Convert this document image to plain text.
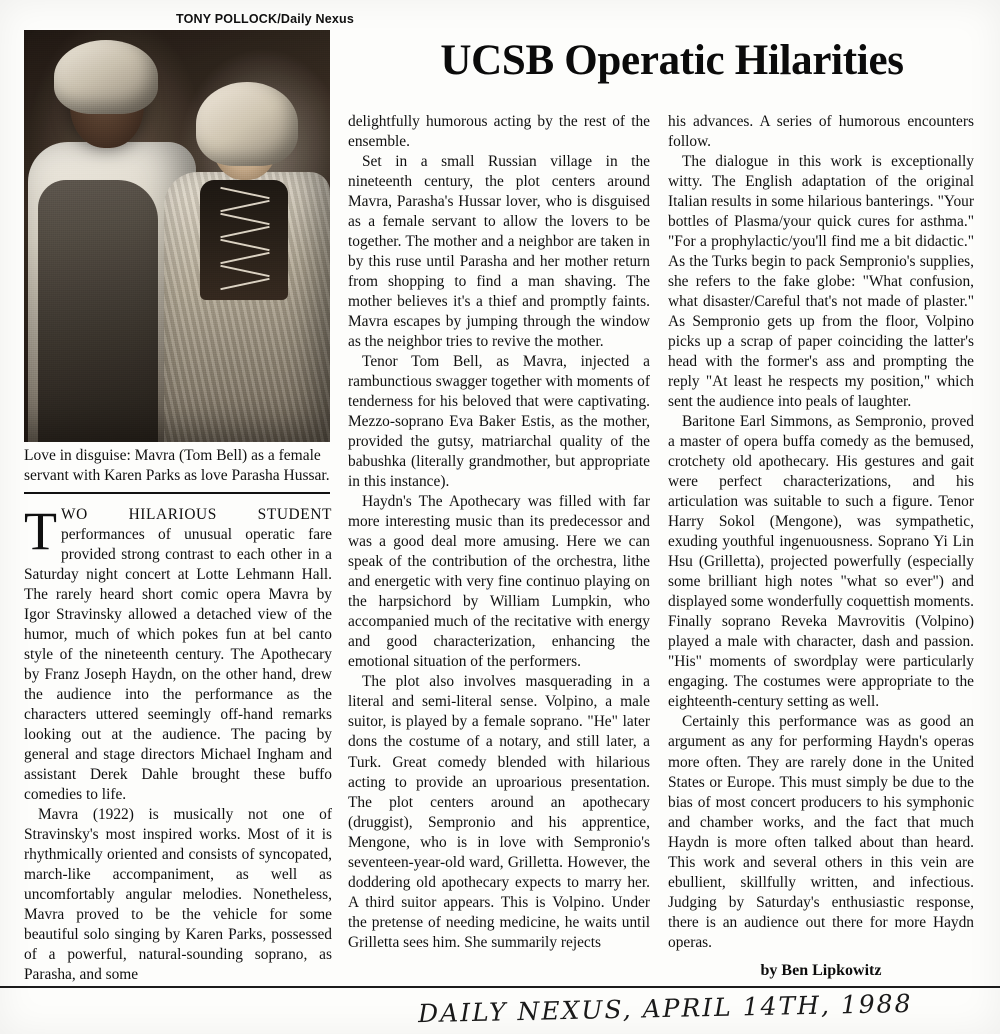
TONY POLLOCK/Daily Nexus
Love in disguise: Mavra (Tom Bell) as a female servant with Karen Parks as love Parasha Hussar.
UCSB Operatic Hilarities

TWO HILARIOUS STUDENT performances of unusual operatic fare provided strong contrast to each other in a Saturday night concert at Lotte Lehmann Hall. The rarely heard short comic opera Mavra by Igor Stravinsky allowed a detached view of the humor, much of which pokes fun at bel canto style of the nineteenth century. The Apothecary by Franz Joseph Haydn, on the other hand, drew the audience into the performance as the characters uttered seemingly off-hand remarks looking out at the audience. The pacing by general and stage directors Michael Ingham and assistant Derek Dahle brought these buffo comedies to life.

Mavra (1922) is musically not one of Stravinsky's most inspired works. Most of it is rhythmically oriented and consists of syncopated, march-like accompaniment, as well as uncomfortably angular melodies. Nonetheless, Mavra proved to be the vehicle for some beautiful solo singing by Karen Parks, possessed of a powerful, natural-sounding soprano, as Parasha, and some

delightfully humorous acting by the rest of the ensemble.

Set in a small Russian village in the nineteenth century, the plot centers around Mavra, Parasha's Hussar lover, who is disguised as a female servant to allow the lovers to be together. The mother and a neighbor are taken in by this ruse until Parasha and her mother return from shopping to find a man shaving. The mother believes it's a thief and promptly faints. Mavra escapes by jumping through the window as the neighbor tries to revive the mother.

Tenor Tom Bell, as Mavra, injected a rambunctious swagger together with moments of tenderness for his beloved that were captivating. Mezzo-soprano Eva Baker Estis, as the mother, provided the gutsy, matriarchal quality of the babushka (literally grandmother, but appropriate in this instance).

Haydn's The Apothecary was filled with far more interesting music than its predecessor and was a good deal more amusing. Here we can speak of the contribution of the orchestra, lithe and energetic with very fine continuo playing on the harpsichord by William Lumpkin, who accompanied much of the recitative with energy and good characterization, enhancing the emotional situation of the performers.

The plot also involves masquerading in a literal and semi-literal sense. Volpino, a male suitor, is played by a female soprano. "He" later dons the costume of a notary, and still later, a Turk. Great comedy blended with hilarious acting to provide an uproarious presentation. The plot centers around an apothecary (druggist), Sempronio and his apprentice, Mengone, who is in love with Sempronio's seventeen-year-old ward, Grilletta. However, the doddering old apothecary expects to marry her. A third suitor appears. This is Volpino. Under the pretense of needing medicine, he waits until Grilletta sees him. She summarily rejects

his advances. A series of humorous encounters follow.

The dialogue in this work is exceptionally witty. The English adaptation of the original Italian results in some hilarious banterings. "Your bottles of Plasma/your quick cures for asthma." "For a prophylactic/you'll find me a bit didactic." As the Turks begin to pack Sempronio's supplies, she refers to the fake globe: "What confusion, what disaster/Careful that's not made of plaster." As Sempronio gets up from the floor, Volpino picks up a scrap of paper coinciding the latter's head with the former's ass and prompting the reply "At least he respects my position," which sent the audience into peals of laughter.

Baritone Earl Simmons, as Sempronio, proved a master of opera buffa comedy as the bemused, crotchety old apothecary. His gestures and gait were perfect characterizations, and his articulation was suitable to such a figure. Tenor Harry Sokol (Mengone), was sympathetic, exuding youthful ingenuousness. Soprano Yi Lin Hsu (Grilletta), projected powerfully (especially some brilliant high notes "what so ever") and displayed some wonderfully coquettish moments. Finally soprano Reveka Mavrovitis (Volpino) played a male with character, dash and passion. "His" moments of swordplay were particularly engaging. The costumes were appropriate to the eighteenth-century setting as well.

Certainly this performance was as good an argument as any for performing Haydn's operas more often. They are rarely done in the United States or Europe. This must simply be due to the bias of most concert producers to his symphonic and chamber works, and the fact that much Haydn is more often talked about than heard. This work and several others in this vein are ebullient, skillfully written, and infectious. Judging by Saturday's enthusiastic response, there is an audience out there for more Haydn operas.

by Ben Lipkowitz
DAILY NEXUS, APRIL 14TH, 1988
